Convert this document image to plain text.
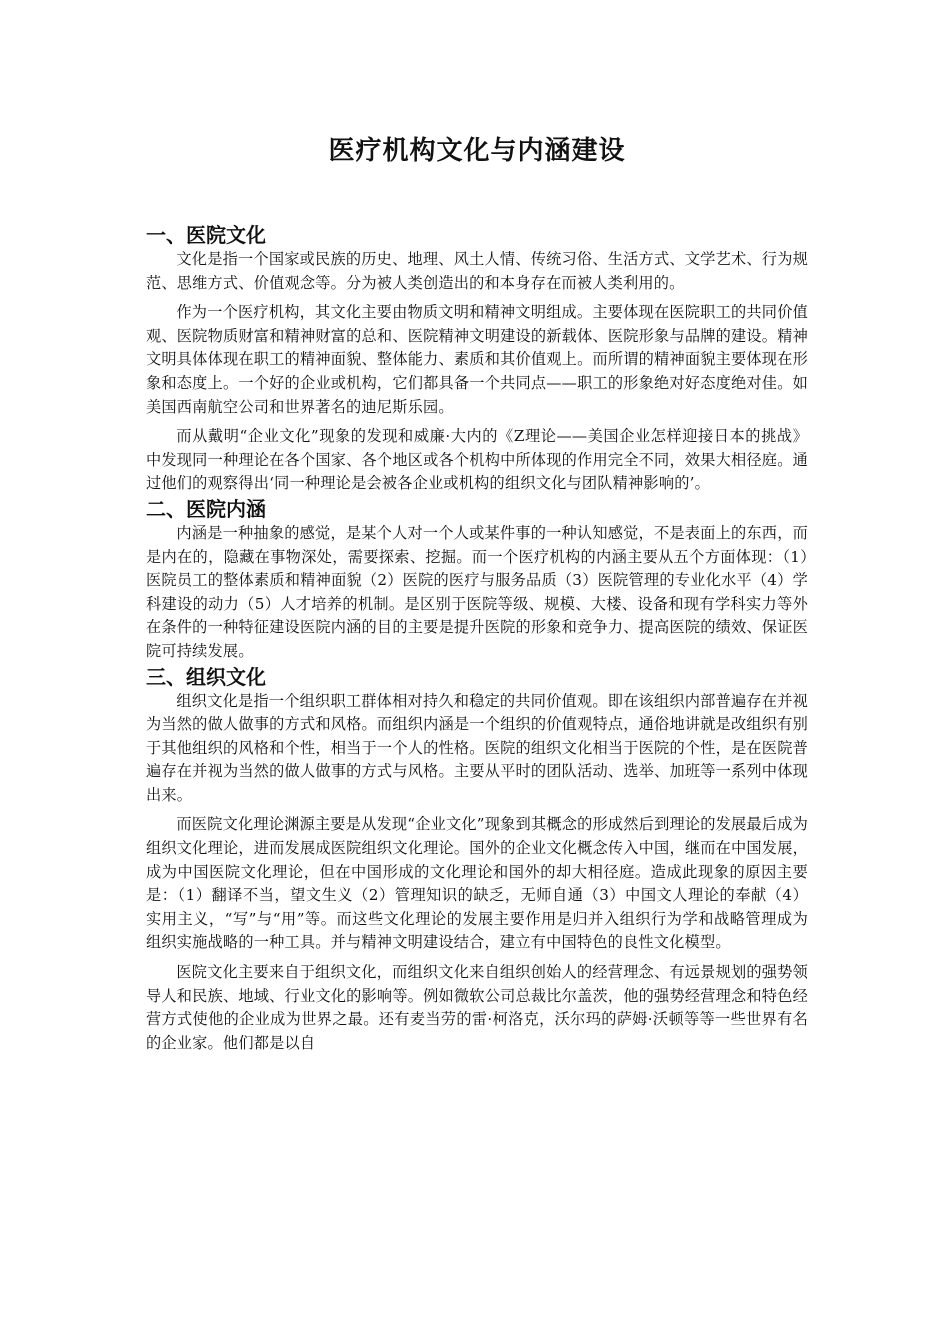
医疗机构文化与内涵建设
一、医院文化

文化是指一个国家或民族的历史、地理、风土人情、传统习俗、生活方式、文学艺术、行为规范、思维方式、价值观念等。分为被人类创造出的和本身存在而被人类利用的。

作为一个医疗机构，其文化主要由物质文明和精神文明组成。主要体现在医院职工的共同价值观、医院物质财富和精神财富的总和、医院精神文明建设的新载体、医院形象与品牌的建设。精神文明具体体现在职工的精神面貌、整体能力、素质和其价值观上。而所谓的精神面貌主要体现在形象和态度上。一个好的企业或机构，它们都具备一个共同点——职工的形象绝对好态度绝对佳。如美国西南航空公司和世界著名的迪尼斯乐园。

而从戴明“企业文化”现象的发现和威廉·大内的《Z理论——美国企业怎样迎接日本的挑战》中发现同一种理论在各个国家、各个地区或各个机构中所体现的作用完全不同，效果大相径庭。通过他们的观察得出‘同一种理论是会被各企业或机构的组织文化与团队精神影响的’。

二、医院内涵

内涵是一种抽象的感觉，是某个人对一个人或某件事的一种认知感觉，不是表面上的东西，而是内在的，隐藏在事物深处，需要探索、挖掘。而一个医疗机构的内涵主要从五个方面体现：（1）医院员工的整体素质和精神面貌（2）医院的医疗与服务品质（3）医院管理的专业化水平（4）学科建设的动力（5）人才培养的机制。是区别于医院等级、规模、大楼、设备和现有学科实力等外在条件的一种特征建设医院内涵的目的主要是提升医院的形象和竞争力、提高医院的绩效、保证医院可持续发展。

三、组织文化

组织文化是指一个组织职工群体相对持久和稳定的共同价值观。即在该组织内部普遍存在并视为当然的做人做事的方式和风格。而组织内涵是一个组织的价值观特点，通俗地讲就是改组织有别于其他组织的风格和个性，相当于一个人的性格。医院的组织文化相当于医院的个性，是在医院普遍存在并视为当然的做人做事的方式与风格。主要从平时的团队活动、选举、加班等一系列中体现出来。

而医院文化理论渊源主要是从发现“企业文化”现象到其概念的形成然后到理论的发展最后成为组织文化理论，进而发展成医院组织文化理论。国外的企业文化概念传入中国，继而在中国发展，成为中国医院文化理论，但在中国形成的文化理论和国外的却大相径庭。造成此现象的原因主要是：（1）翻译不当，望文生义（2）管理知识的缺乏，无师自通（3）中国文人理论的奉献（4）实用主义，“写”与“用”等。而这些文化理论的发展主要作用是归并入组织行为学和战略管理成为组织实施战略的一种工具。并与精神文明建设结合，建立有中国特色的良性文化模型。

医院文化主要来自于组织文化，而组织文化来自组织创始人的经营理念、有远景规划的强势领导人和民族、地域、行业文化的影响等。例如微软公司总裁比尔盖茨，他的强势经营理念和特色经营方式使他的企业成为世界之最。还有麦当劳的雷·柯洛克，沃尔玛的萨姆·沃顿等等一些世界有名的企业家。他们都是以自
